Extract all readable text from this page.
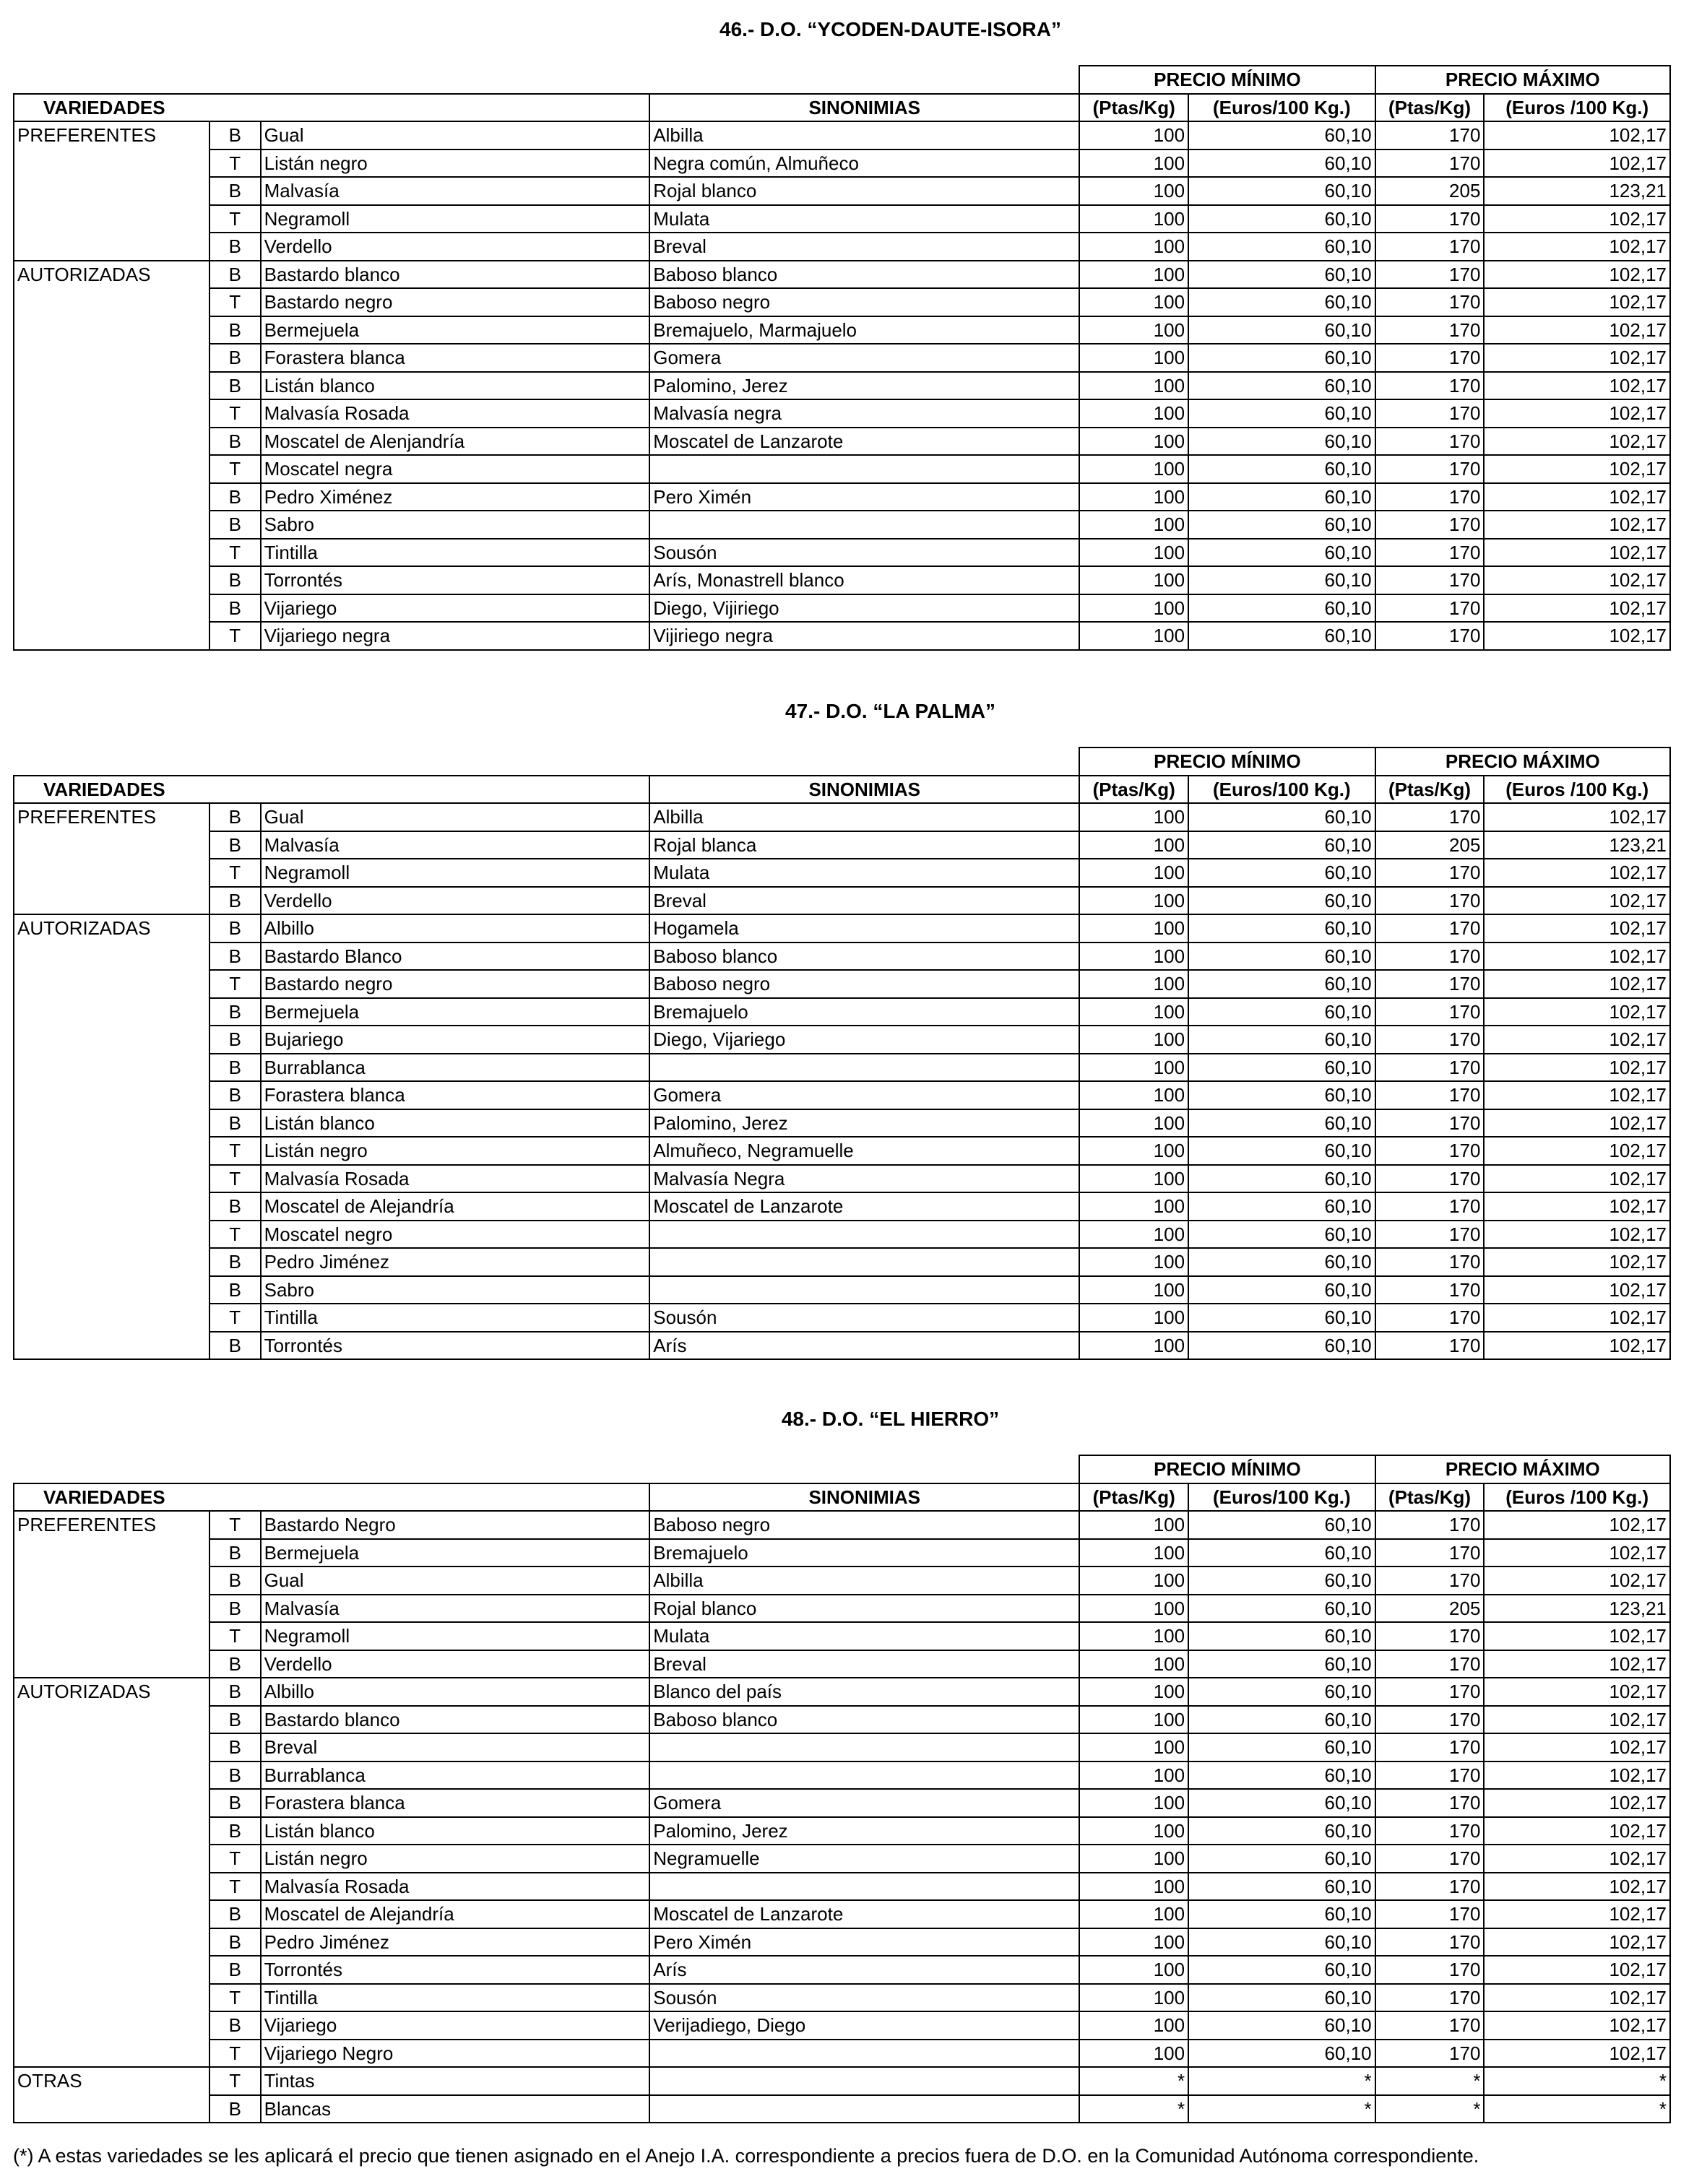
46.- D.O. “YCODEN-DAUTE-ISORA”
				PRECIO MÍNIMO		PRECIO MÁXIMO	
VARIEDADES			SINONIMIAS	(Ptas/Kg)	(Euros/100 Kg.)	(Ptas/Kg)	(Euros /100 Kg.)
PREFERENTES	B	Gual	Albilla	100	60,10	170	102,17
	T	Listán negro	Negra común, Almuñeco	100	60,10	170	102,17
	B	Malvasía	Rojal blanco	100	60,10	205	123,21
	T	Negramoll	Mulata	100	60,10	170	102,17
	B	Verdello	Breval	100	60,10	170	102,17
AUTORIZADAS	B	Bastardo blanco	Baboso blanco	100	60,10	170	102,17
	T	Bastardo negro	Baboso negro	100	60,10	170	102,17
	B	Bermejuela	Bremajuelo, Marmajuelo	100	60,10	170	102,17
	B	Forastera blanca	Gomera	100	60,10	170	102,17
	B	Listán blanco	Palomino, Jerez	100	60,10	170	102,17
	T	Malvasía Rosada	Malvasía negra	100	60,10	170	102,17
	B	Moscatel de Alenjandría	Moscatel de Lanzarote	100	60,10	170	102,17
	T	Moscatel negra		100	60,10	170	102,17
	B	Pedro Ximénez	Pero Ximén	100	60,10	170	102,17
	B	Sabro		100	60,10	170	102,17
	T	Tintilla	Sousón	100	60,10	170	102,17
	B	Torrontés	Arís, Monastrell blanco	100	60,10	170	102,17
	B	Vijariego	Diego, Vijiriego	100	60,10	170	102,17
	T	Vijariego negra	Vijiriego negra	100	60,10	170	102,17
47.- D.O. “LA PALMA”
				PRECIO MÍNIMO		PRECIO MÁXIMO	
VARIEDADES			SINONIMIAS	(Ptas/Kg)	(Euros/100 Kg.)	(Ptas/Kg)	(Euros /100 Kg.)
PREFERENTES	B	Gual	Albilla	100	60,10	170	102,17
	B	Malvasía	Rojal blanca	100	60,10	205	123,21
	T	Negramoll	Mulata	100	60,10	170	102,17
	B	Verdello	Breval	100	60,10	170	102,17
AUTORIZADAS	B	Albillo	Hogamela	100	60,10	170	102,17
	B	Bastardo Blanco	Baboso blanco	100	60,10	170	102,17
	T	Bastardo negro	Baboso negro	100	60,10	170	102,17
	B	Bermejuela	Bremajuelo	100	60,10	170	102,17
	B	Bujariego	Diego, Vijariego	100	60,10	170	102,17
	B	Burrablanca		100	60,10	170	102,17
	B	Forastera blanca	Gomera	100	60,10	170	102,17
	B	Listán blanco	Palomino, Jerez	100	60,10	170	102,17
	T	Listán negro	Almuñeco, Negramuelle	100	60,10	170	102,17
	T	Malvasía Rosada	Malvasía Negra	100	60,10	170	102,17
	B	Moscatel de Alejandría	Moscatel de Lanzarote	100	60,10	170	102,17
	T	Moscatel negro		100	60,10	170	102,17
	B	Pedro Jiménez		100	60,10	170	102,17
	B	Sabro		100	60,10	170	102,17
	T	Tintilla	Sousón	100	60,10	170	102,17
	B	Torrontés	Arís	100	60,10	170	102,17
48.- D.O. “EL HIERRO”
				PRECIO MÍNIMO		PRECIO MÁXIMO	
VARIEDADES			SINONIMIAS	(Ptas/Kg)	(Euros/100 Kg.)	(Ptas/Kg)	(Euros /100 Kg.)
PREFERENTES	T	Bastardo Negro	Baboso negro	100	60,10	170	102,17
	B	Bermejuela	Bremajuelo	100	60,10	170	102,17
	B	Gual	Albilla	100	60,10	170	102,17
	B	Malvasía	Rojal blanco	100	60,10	205	123,21
	T	Negramoll	Mulata	100	60,10	170	102,17
	B	Verdello	Breval	100	60,10	170	102,17
AUTORIZADAS	B	Albillo	Blanco del país	100	60,10	170	102,17
	B	Bastardo blanco	Baboso blanco	100	60,10	170	102,17
	B	Breval		100	60,10	170	102,17
	B	Burrablanca		100	60,10	170	102,17
	B	Forastera blanca	Gomera	100	60,10	170	102,17
	B	Listán blanco	Palomino, Jerez	100	60,10	170	102,17
	T	Listán negro	Negramuelle	100	60,10	170	102,17
	T	Malvasía Rosada		100	60,10	170	102,17
	B	Moscatel de Alejandría	Moscatel de Lanzarote	100	60,10	170	102,17
	B	Pedro Jiménez	Pero Ximén	100	60,10	170	102,17
	B	Torrontés	Arís	100	60,10	170	102,17
	T	Tintilla	Sousón	100	60,10	170	102,17
	B	Vijariego	Verijadiego, Diego	100	60,10	170	102,17
	T	Vijariego Negro		100	60,10	170	102,17
OTRAS	T	Tintas		*	*	*	*
	B	Blancas		*	*	*	*
(*) A estas variedades se les aplicará el precio que tienen asignado en el Anejo I.A. correspondiente a precios fuera de D.O. en la Comunidad Autónoma correspondiente.
